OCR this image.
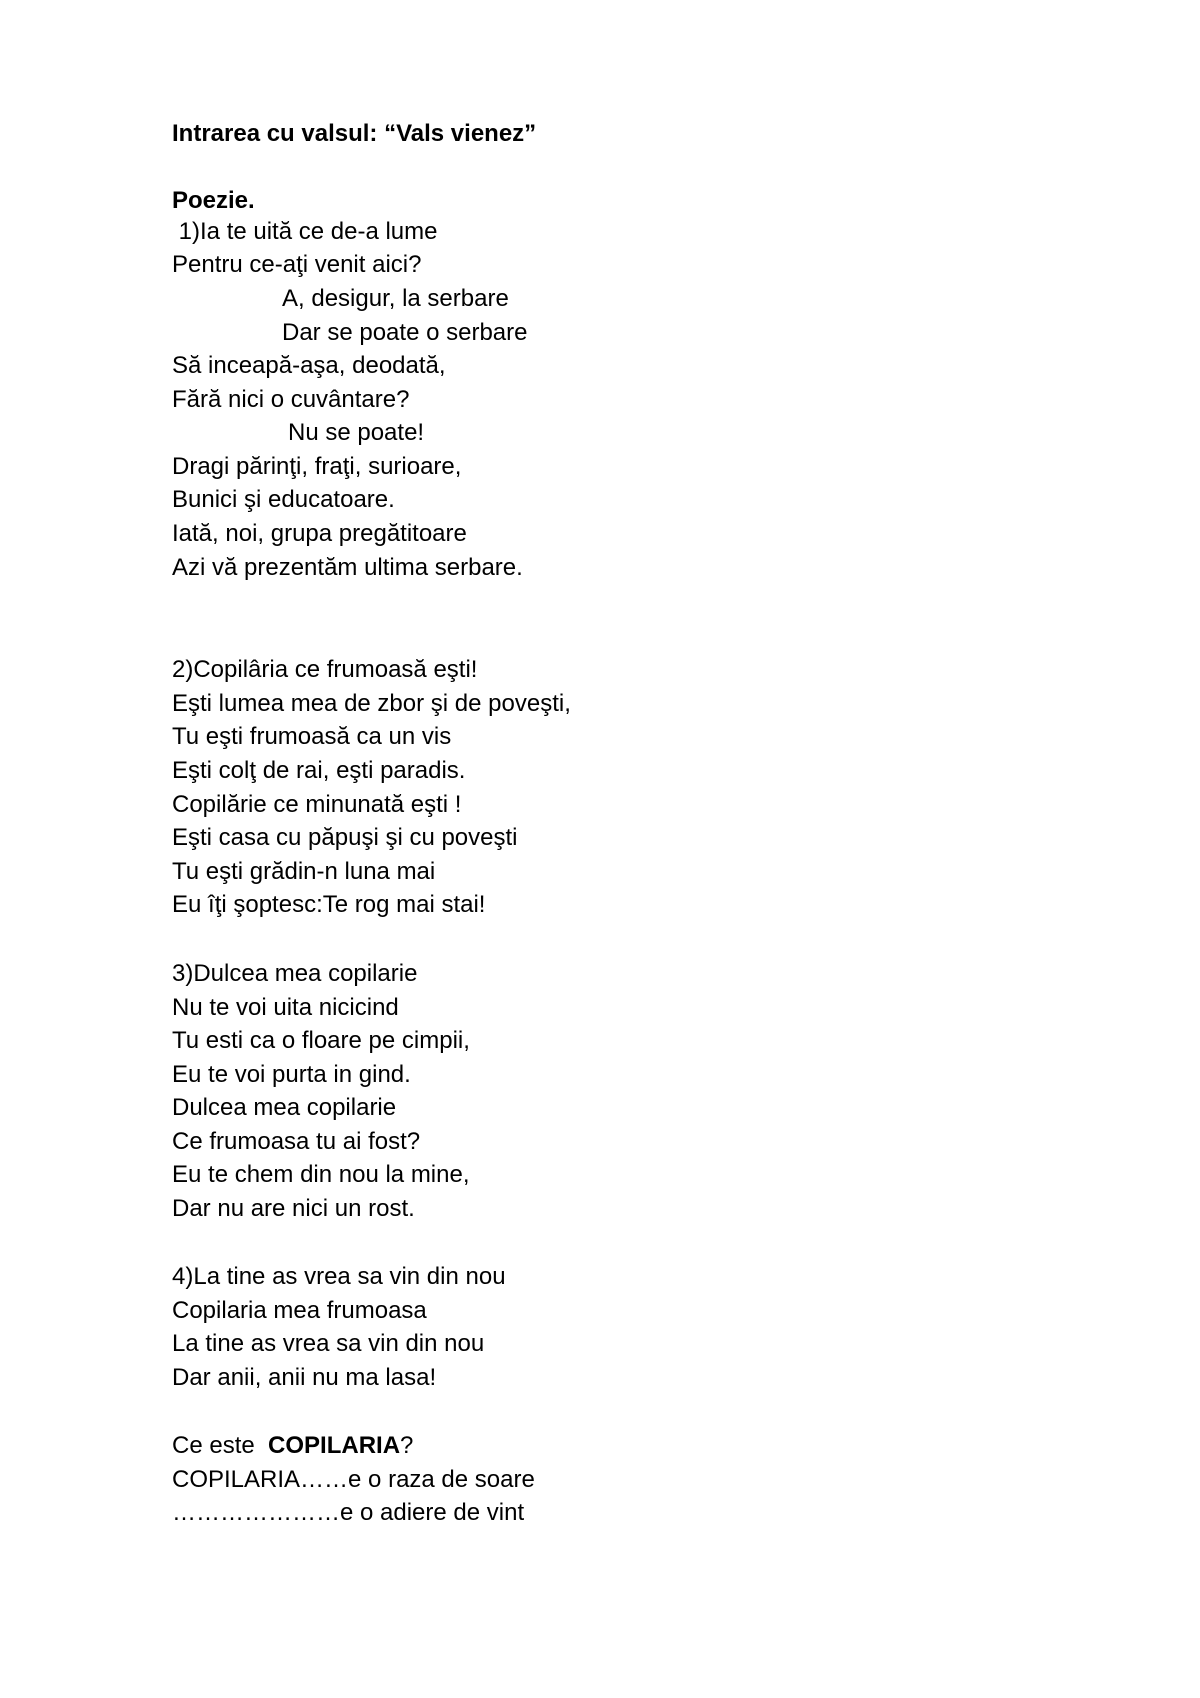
Intrarea cu valsul: “Vals vienez”
Poezie.
1)Ia te uită ce de-a lume
Pentru ce-aţi venit aici?
A, desigur, la serbare
Dar se poate o serbare
Să inceapă-aşa, deodată,
Fără nici o cuvântare?
Nu se poate!
Dragi părinţi, fraţi, surioare,
Bunici şi educatoare.
Iată, noi, grupa pregătitoare
Azi vă prezentăm ultima serbare.
2)Copilâria ce frumoasă eşti!
Eşti lumea mea de zbor şi de poveşti,
Tu eşti frumoasă ca un vis
Eşti colţ de rai, eşti paradis.
Copilărie ce minunată eşti !
Eşti casa cu păpuşi şi cu poveşti
Tu eşti grădin-n luna mai
Eu îţi şoptesc:Te rog mai stai!
3)Dulcea mea copilarie
Nu te voi uita nicicind
Tu esti ca o floare pe cimpii,
Eu te voi purta in gind.
Dulcea mea copilarie
Ce frumoasa tu ai fost?
Eu te chem din nou la mine,
Dar nu are nici un rost.
4)La tine as vrea sa vin din nou
Copilaria mea frumoasa
La tine as vrea sa vin din nou
Dar anii, anii nu ma lasa!
Ce este  COPILARIA?
COPILARIA……e o raza de soare
…………………e o adiere de vint
